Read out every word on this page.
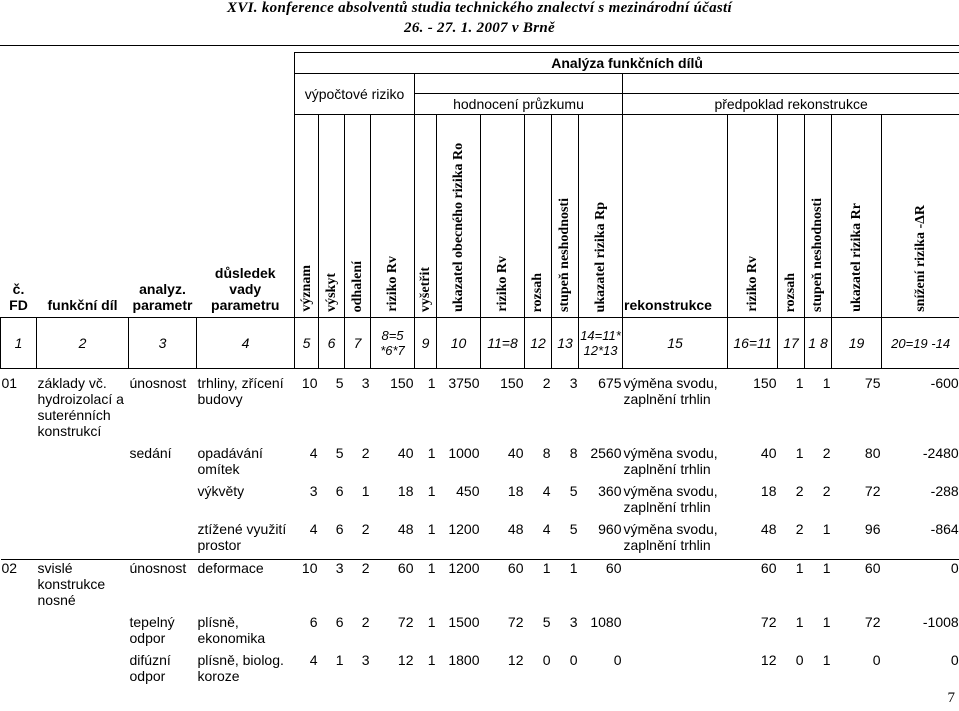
XVI. konference absolventů studia technického znalectví s mezinárodní účastí
26. - 27. 1. 2007 v Brně
č. FD	funkční díl	analyz. parametr	důsledek vady parametru	Analýza funkčních dílů															
				výpočtové riziko															
								hodnocení průzkumu						předpoklad rekonstrukce					
				význam	výskyt	odhalení	riziko Rv	vyšetřit	ukazatel obecného rizika Ro	riziko Rv	rozsah	stupeň neshodnosti	ukazatel rizika Rp	rekonstrukce	riziko Rv	rozsah	stupeň neshodnosti	ukazatel rizika Rr	snížení rizika -ΔR
1	2	3	4	5	6	7	8=5 *6*7	9	10	11=8	12	13	14=11* 12*13	15	16=11	17	1 8	19	20=19 -14

01	základy vč. hydroizolací a suterénních konstrukcí	únosnost	trhliny, zřícení budovy	10	5	3	150	1	3750	150	2	3	675	výměna svodu, zaplnění trhlin	150	1	1	75	-600

		sedání	opadávání omítek	4	5	2	40	1	1000	40	8	8	2560	výměna svodu, zaplnění trhlin	40	1	2	80	-2480

			výkvěty	3	6	1	18	1	450	18	4	5	360	výměna svodu, zaplnění trhlin	18	2	2	72	-288

			ztížené využití prostor	4	6	2	48	1	1200	48	4	5	960	výměna svodu, zaplnění trhlin	48	2	1	96	-864

02	svislé konstrukce nosné	únosnost	deformace	10	3	2	60	1	1200	60	1	1	60		60	1	1	60	0

		tepelný odpor	plísně, ekonomika	6	6	2	72	1	1500	72	5	3	1080		72	1	1	72	-1008

		difúzní odpor	plísně, biolog. koroze	4	1	3	12	1	1800	12	0	0	0		12	0	1	0	0

7
